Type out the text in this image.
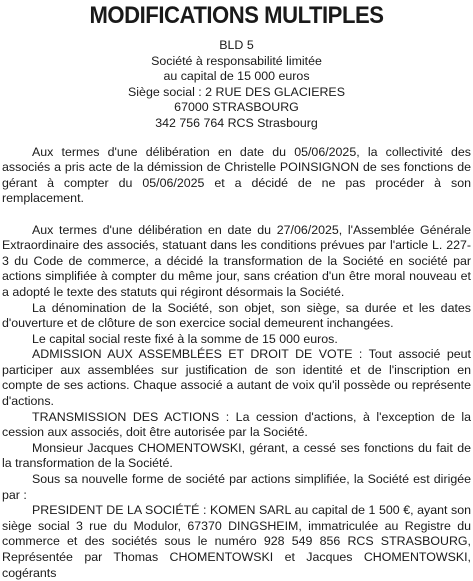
MODIFICATIONS MULTIPLES
BLD 5
Société à responsabilité limitée
au capital de 15 000 euros
Siège social : 2 RUE DES GLACIERES
67000 STRASBOURG
342 756 764 RCS Strasbourg

Aux termes d'une délibération en date du 05/06/2025, la collectivité des associés a pris acte de la démission de Christelle POINSIGNON de ses fonctions de gérant à compter du 05/06/2025 et a décidé de ne pas procéder à son remplacement.

Aux termes d'une délibération en date du 27/06/2025, l'Assemblée Générale Extraordinaire des associés, statuant dans les conditions prévues par l'article L. 227-3 du Code de commerce, a décidé la transformation de la Société en société par actions simplifiée à compter du même jour, sans création d'un être moral nouveau et a adopté le texte des statuts qui régiront désormais la Société.

La dénomination de la Société, son objet, son siège, sa durée et les dates d'ouverture et de clôture de son exercice social demeurent inchangées.

Le capital social reste fixé à la somme de 15 000 euros.

ADMISSION AUX ASSEMBLÉES ET DROIT DE VOTE : Tout associé peut participer aux assemblées sur justification de son identité et de l'inscription en compte de ses actions. Chaque associé a autant de voix qu'il possède ou représente d'actions.

TRANSMISSION DES ACTIONS : La cession d'actions, à l'exception de la cession aux associés, doit être autorisée par la Société.

Monsieur Jacques CHOMENTOWSKI, gérant, a cessé ses fonctions du fait de la transformation de la Société.

Sous sa nouvelle forme de société par actions simplifiée, la Société est dirigée par :

PRESIDENT DE LA SOCIÉTÉ : KOMEN SARL au capital de 1 500 €, ayant son siège social 3 rue du Modulor, 67370 DINGSHEIM, immatriculée au Registre du commerce et des sociétés sous le numéro 928 549 856 RCS STRASBOURG, Représentée par Thomas CHOMENTOWSKI et Jacques CHOMENTOWSKI, cogérants
